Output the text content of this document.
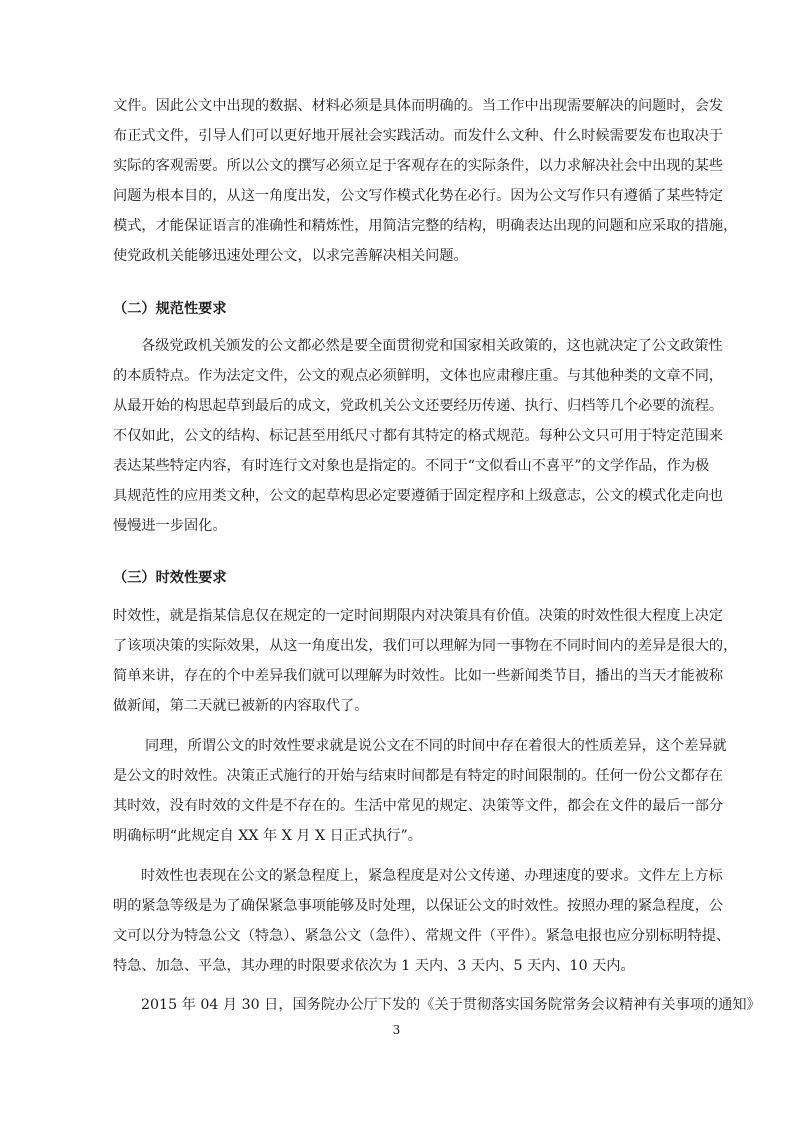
文件。因此公文中出现的数据、材料必须是具体而明确的。当工作中出现需要解决的问题时，会发
布正式文件，引导人们可以更好地开展社会实践活动。而发什么文种、什么时候需要发布也取决于
实际的客观需要。所以公文的撰写必须立足于客观存在的实际条件，以力求解决社会中出现的某些
问题为根本目的，从这一角度出发，公文写作模式化势在必行。因为公文写作只有遵循了某些特定
模式，才能保证语言的准确性和精炼性，用简洁完整的结构，明确表达出现的问题和应采取的措施，
使党政机关能够迅速处理公文，以求完善解决相关问题。
（二）规范性要求
各级党政机关颁发的公文都必然是要全面贯彻党和国家相关政策的，这也就决定了公文政策性
的本质特点。作为法定文件，公文的观点必须鲜明，文体也应肃穆庄重。与其他种类的文章不同，
从最开始的构思起草到最后的成文，党政机关公文还要经历传递、执行、归档等几个必要的流程。
不仅如此，公文的结构、标记甚至用纸尺寸都有其特定的格式规范。每种公文只可用于特定范围来
表达某些特定内容，有时连行文对象也是指定的。不同于“文似看山不喜平”的文学作品，作为极
具规范性的应用类文种，公文的起草构思必定要遵循于固定程序和上级意志，公文的模式化走向也
慢慢进一步固化。
（三）时效性要求
时效性，就是指某信息仅在规定的一定时间期限内对决策具有价值。决策的时效性很大程度上决定
了该项决策的实际效果，从这一角度出发，我们可以理解为同一事物在不同时间内的差异是很大的，
简单来讲，存在的个中差异我们就可以理解为时效性。比如一些新闻类节目，播出的当天才能被称
做新闻，第二天就已被新的内容取代了。
同理，所谓公文的时效性要求就是说公文在不同的时间中存在着很大的性质差异，这个差异就
是公文的时效性。决策正式施行的开始与结束时间都是有特定的时间限制的。任何一份公文都存在
其时效，没有时效的文件是不存在的。生活中常见的规定、决策等文件，都会在文件的最后一部分
明确标明“此规定自 XX 年 X 月 X 日正式执行”。
时效性也表现在公文的紧急程度上，紧急程度是对公文传递、办理速度的要求。文件左上方标
明的紧急等级是为了确保紧急事项能够及时处理，以保证公文的时效性。按照办理的紧急程度，公
文可以分为特急公文（特急）、紧急公文（急件）、常规文件（平件）。紧急电报也应分别标明特提、
特急、加急、平急，其办理的时限要求依次为 1 天内、3 天内、5 天内、10 天内。
2015 年 04 月 30 日，国务院办公厅下发的《关于贯彻落实国务院常务会议精神有关事项的通知》
3
